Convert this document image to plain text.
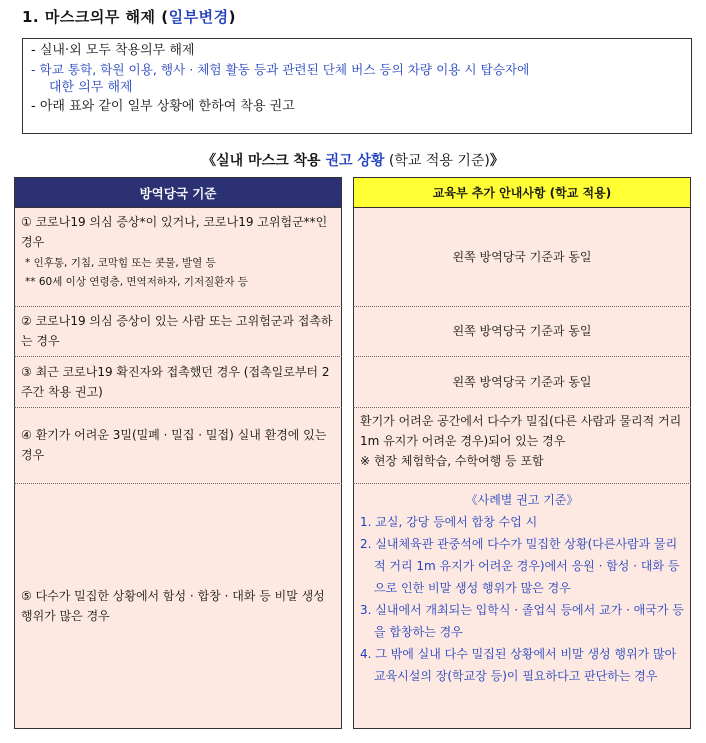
1. 마스크의무 해제 (일부변경)
- 실내·외 모두 착용의무 해제
- 학교 통학, 학원 이용, 행사 · 체험 활동 등과 관련된 단체 버스 등의 차량 이용 시 탑승자에
대한 의무 해제
- 아래 표와 같이 일부 상황에 한하여 착용 권고
《실내 마스크 착용 권고 상황 (학교 적용 기준)》
방역당국 기준	교육부 추가 안내사항 (학교 적용)
① 코로나19 의심 증상*이 있거나, 코로나19 고위험군**인 경우
* 인후통, 기침, 코막힘 또는 콧물, 발열 등
** 60세 이상 연령층, 면역저하자, 기저질환자 등
왼쪽 방역당국 기준과 동일
② 코로나19 의심 증상이 있는 사람 또는 고위험군과 접촉하는 경우
왼쪽 방역당국 기준과 동일
③ 최근 코로나19 확진자와 접촉했던 경우 (접촉일로부터 2주간 착용 권고)
왼쪽 방역당국 기준과 동일
④ 환기가 어려운 3밀(밀폐 · 밀집 · 밀접) 실내 환경에 있는 경우
환기가 어려운 공간에서 다수가 밀집(다른 사람과 물리적 거리 1m 유지가 어려운 경우)되어 있는 경우
※ 현장 체험학습, 수학여행 등 포함
⑤ 다수가 밀집한 상황에서 함성 · 합창 · 대화 등 비말 생성 행위가 많은 경우
《사례별 권고 기준》
1. 교실, 강당 등에서 합창 수업 시
2. 실내체육관 관중석에 다수가 밀집한 상황(다른사람과 물리적 거리 1m 유지가 어려운 경우)에서 응원 · 함성 · 대화 등으로 인한 비말 생성 행위가 많은 경우
3. 실내에서 개최되는 입학식 · 졸업식 등에서 교가 · 애국가 등을 합창하는 경우
4. 그 밖에 실내 다수 밀집된 상황에서 비말 생성 행위가 많아 교육시설의 장(학교장 등)이 필요하다고 판단하는 경우
